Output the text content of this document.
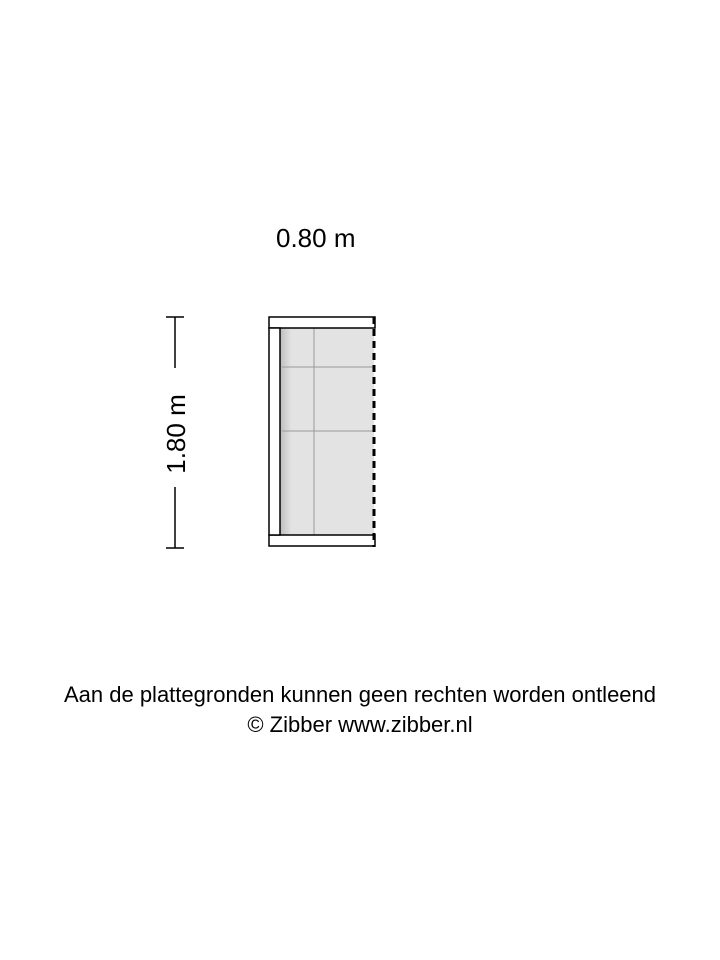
0.80 m
1.80 m
Aan de plattegronden kunnen geen rechten worden ontleend
© Zibber www.zibber.nl
